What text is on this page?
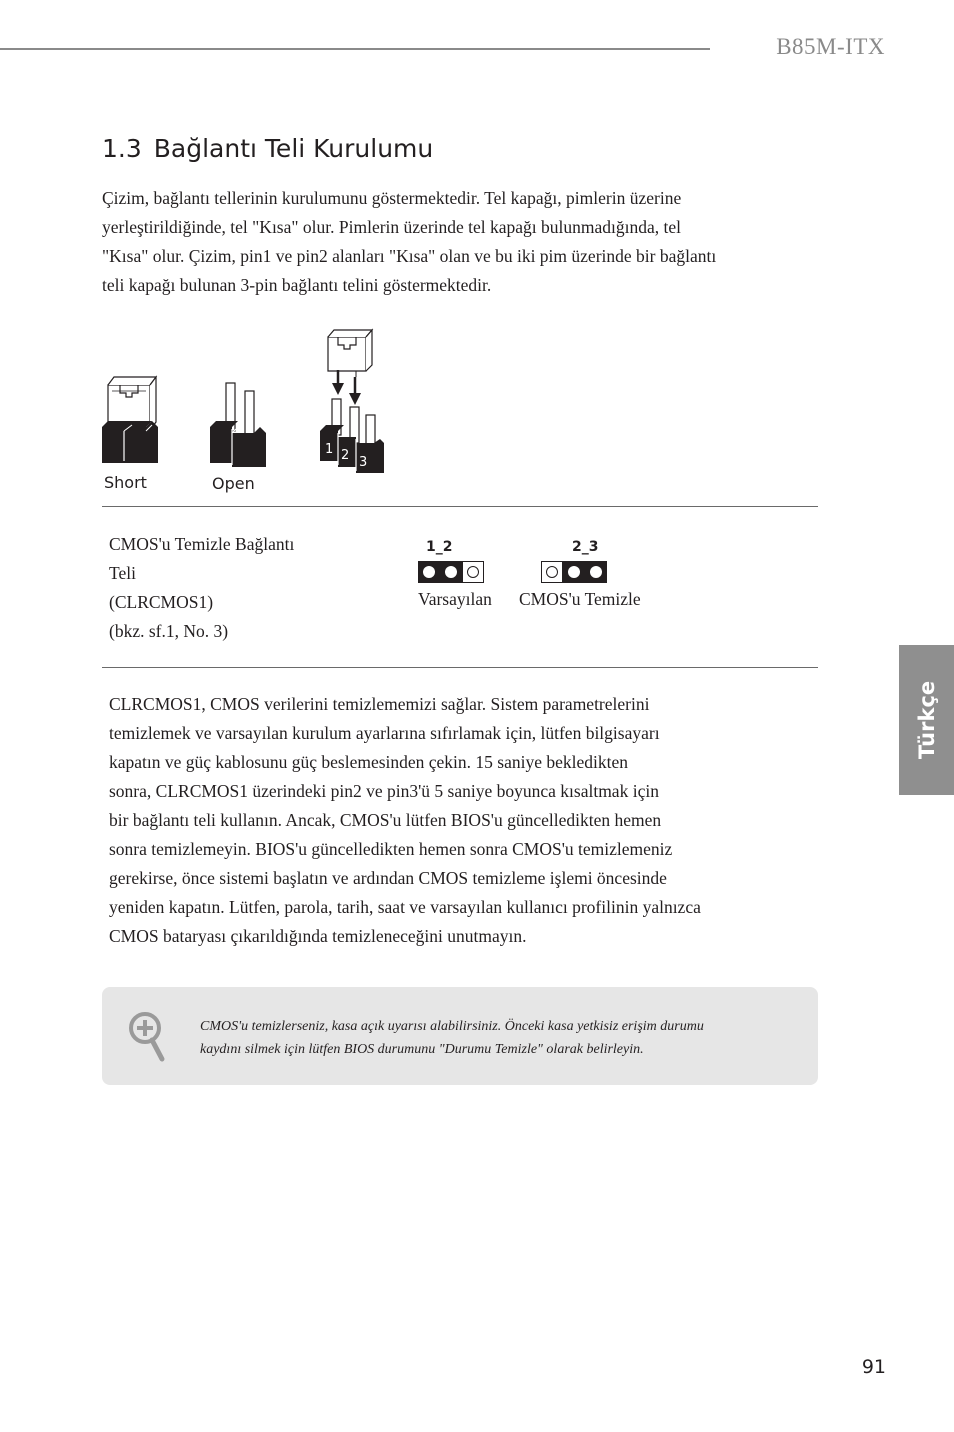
B85M-ITX
1.3 Bağlantı Teli Kurulumu
Çizim, bağlantı tellerinin kurulumunu göstermektedir. Tel kapağı, pimlerin üzerine
yerleştirildiğinde, tel "Kısa" olur. Pimlerin üzerinde tel kapağı bulunmadığında, tel
"Kısa" olur. Çizim, pin1 ve pin2 alanları "Kısa" olan ve bu iki pim üzerinde bir bağlantı
teli kapağı bulunan 3-pin bağlantı telini göstermektedir.
1 2 3
Short	Open
CMOS'u Temizle Bağlantı
Teli
(CLRCMOS1)
(bkz. sf.1, No. 3)
1_2
Varsayılan
2_3
CMOS'u Temizle

CLRCMOS1, CMOS verilerini temizlememizi sağlar. Sistem parametrelerini

temizlemek ve varsayılan kurulum ayarlarına sıfırlamak için, lütfen bilgisayarı

kapatın ve güç kablosunu güç beslemesinden çekin. 15 saniye bekledikten

sonra, CLRCMOS1 üzerindeki pin2 ve pin3'ü 5 saniye boyunca kısaltmak için

bir bağlantı teli kullanın. Ancak, CMOS'u lütfen BIOS'u güncelledikten hemen

sonra temizlemeyin. BIOS'u güncelledikten hemen sonra CMOS'u temizlemeniz

gerekirse, önce sistemi başlatın ve ardından CMOS temizleme işlemi öncesinde

yeniden kapatın. Lütfen, parola, tarih, saat ve varsayılan kullanıcı profilinin yalnızca

CMOS bataryası çıkarıldığında temizleneceğini unutmayın.

CMOS'u temizlerseniz, kasa açık uyarısı alabilirsiniz. Önceki kasa yetkisiz erişim durumu
kaydını silmek için lütfen BIOS durumunu "Durumu Temizle" olarak belirleyin.
Türkçe
91
